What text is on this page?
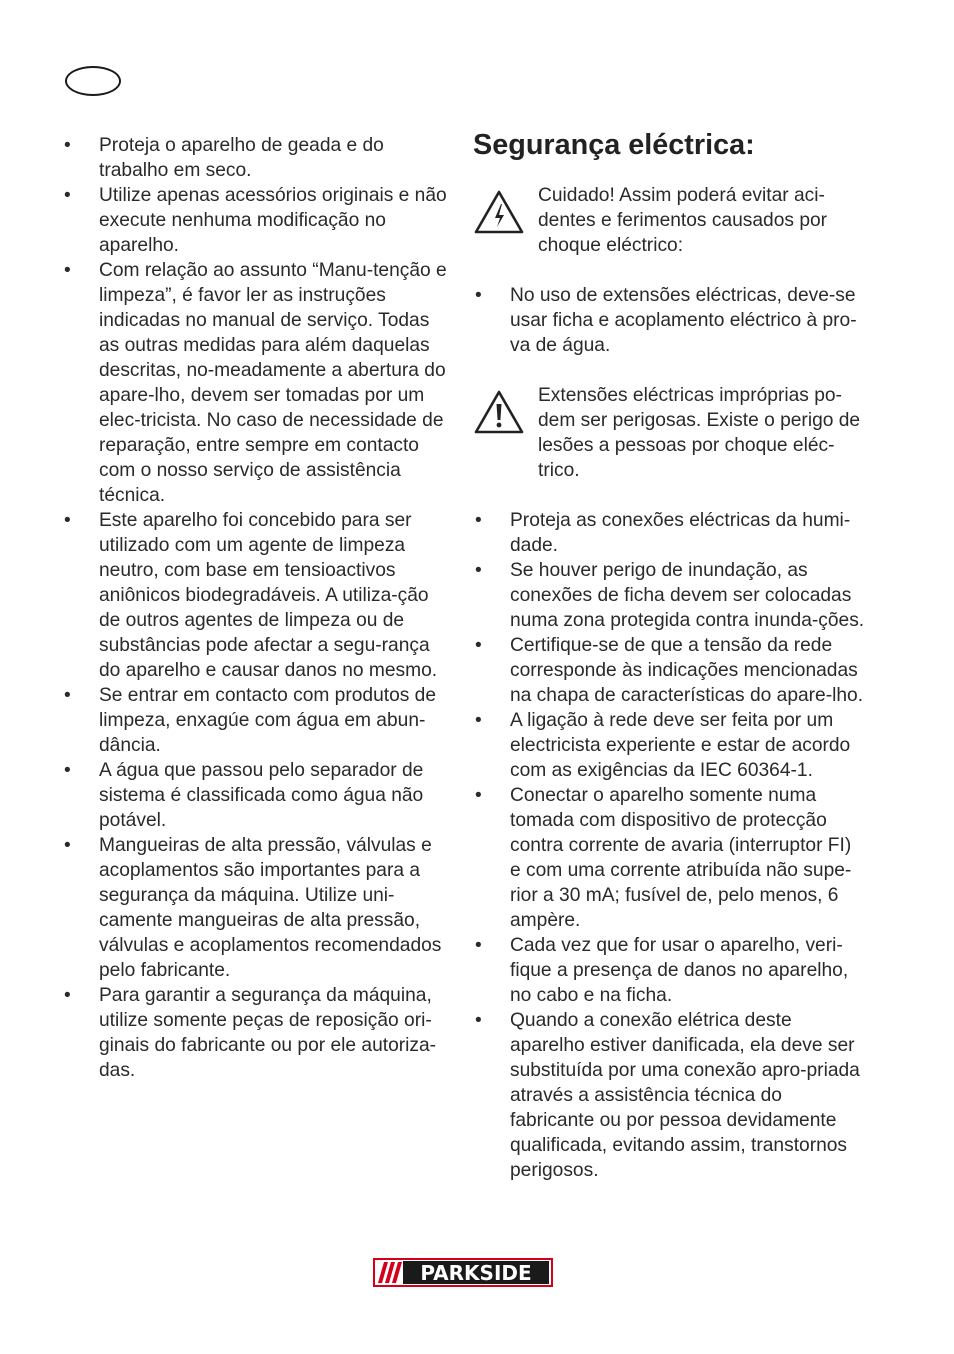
• Proteja o aparelho de geada e do trabalho em seco.
• Utilize apenas acessórios originais e não execute nenhuma modificação no aparelho.
• Com relação ao assunto “Manu-tenção e limpeza”, é favor ler as instruções indicadas no manual de serviço. Todas as outras medidas para além daquelas descritas, no-meadamente a abertura do apare-lho, devem ser tomadas por um elec-tricista. No caso de necessidade de reparação, entre sempre em contacto com o nosso serviço de assistência técnica.
• Este aparelho foi concebido para ser utilizado com um agente de limpeza neutro, com base em tensioactivos aniônicos biodegradáveis. A utiliza-ção de outros agentes de limpeza ou de substâncias pode afectar a segu-rança do aparelho e causar danos no mesmo.
• Se entrar em contacto com produtos de limpeza, enxagúe com água em abun-dância.
• A água que passou pelo separador de sistema é classificada como água não potável.
• Mangueiras de alta pressão, válvulas e acoplamentos são importantes para a segurança da máquina. Utilize uni-camente mangueiras de alta pressão, válvulas e acoplamentos recomendados pelo fabricante.
• Para garantir a segurança da máquina, utilize somente peças de reposição ori-ginais do fabricante ou por ele autoriza-das.
Segurança eléctrica:
Cuidado! Assim poderá evitar aci-dentes e ferimentos causados por choque eléctrico:
• No uso de extensões eléctricas, deve-se usar ficha e acoplamento eléctrico à pro-va de água.
Extensões eléctricas impróprias po-dem ser perigosas. Existe o perigo de lesões a pessoas por choque eléc-trico.
• Proteja as conexões eléctricas da humi-dade.
• Se houver perigo de inundação, as conexões de ficha devem ser colocadas numa zona protegida contra inunda-ções.
• Certifique-se de que a tensão da rede corresponde às indicações mencionadas na chapa de características do apare-lho.
• A ligação à rede deve ser feita por um electricista experiente e estar de acordo com as exigências da IEC 60364-1.
• Conectar o aparelho somente numa tomada com dispositivo de protecção contra corrente de avaria (interruptor FI) e com uma corrente atribuída não supe-rior a 30 mA; fusível de, pelo menos, 6 ampère.
• Cada vez que for usar o aparelho, veri-fique a presença de danos no aparelho, no cabo e na ficha.
• Quando a conexão elétrica deste aparelho estiver danificada, ela deve ser substituída por uma conexão apro-priada através a assistência técnica do fabricante ou por pessoa devidamente qualificada, evitando assim, transtornos perigosos.
PARKSIDE
